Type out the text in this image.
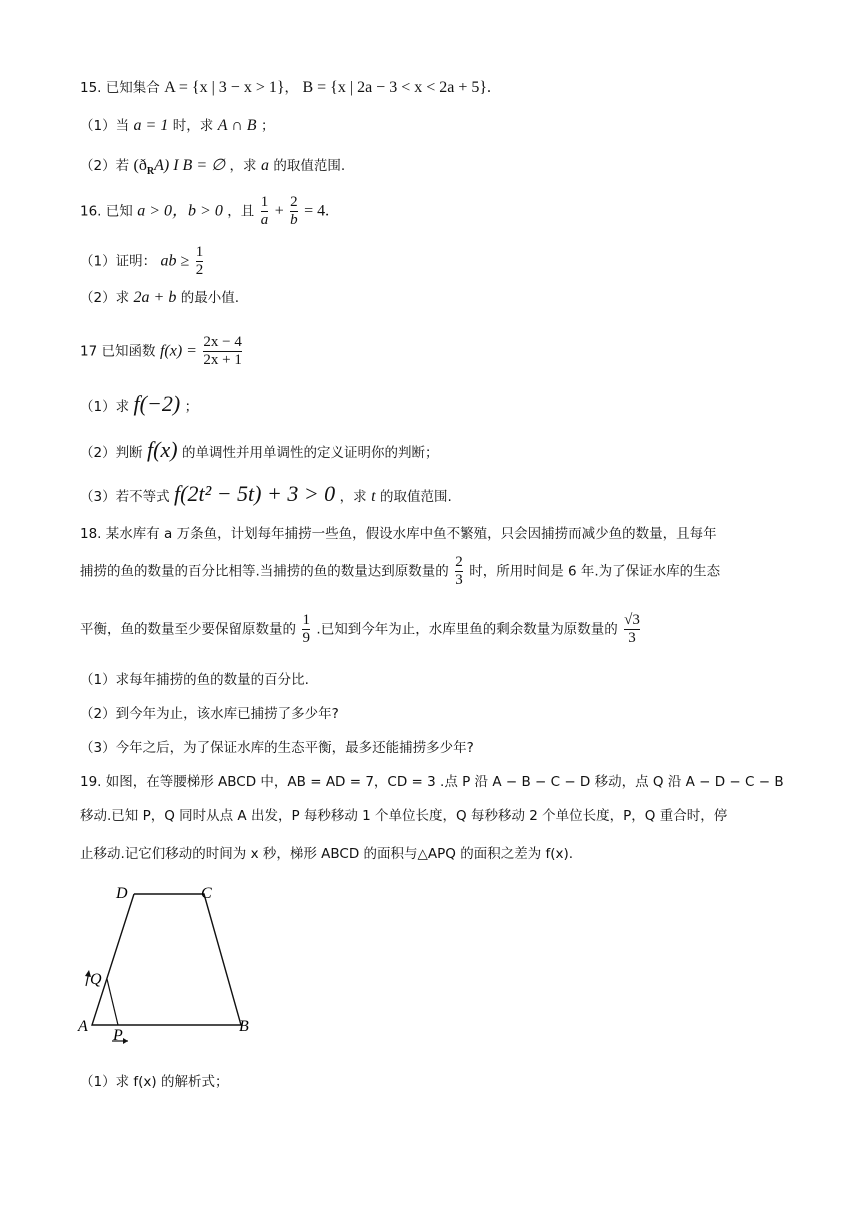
15. 已知集合 A = {x | 3 − x > 1}， B = {x | 2a − 3 < x < 2a + 5}.
（1）当 a = 1 时，求 A ∩ B ；
（2）若 $(ð_RA)$ I B = ∅ ，求 a 的取值范围.
16. 已知 a > 0，b > 0 ，且 $\frac{1}{a} + \frac{2}{b} = 4$.
（1）证明： ab ≥ $\frac{1}{2}$
（2）求 2a + b 的最小值.
17 已知函数 $f(x) = \frac{2x - 4}{2x + 1}$
（1）求 f(−2) ；
（2）判断 f(x) 的单调性并用单调性的定义证明你的判断；
（3）若不等式 f(2t² − 5t) + 3 > 0 ，求 t 的取值范围.
18. 某水库有 a 万条鱼，计划每年捕捞一些鱼，假设水库中鱼不繁殖，只会因捕捞而减少鱼的数量，且每年
捕捞的鱼的数量的百分比相等.当捕捞的鱼的数量达到原数量的 $\frac{2}{3}$ 时，所用时间是 6 年.为了保证水库的生态
平衡，鱼的数量至少要保留原数量的 $\frac{1}{9}$ .已知到今年为止，水库里鱼的剩余数量为原数量的 $\frac{√3}{3}$
（1）求每年捕捞的鱼的数量的百分比.
（2）到今年为止，该水库已捕捞了多少年?
（3）今年之后，为了保证水库的生态平衡，最多还能捕捞多少年?
19. 如图，在等腰梯形 ABCD 中，AB = AD = 7，CD = 3 .点 P 沿 A − B − C − D 移动，点 Q 沿 A − D − C − B
移动.已知 P，Q 同时从点 A 出发，P 每秒移动 1 个单位长度，Q 每秒移动 2 个单位长度，P，Q 重合时，停
止移动.记它们移动的时间为 x 秒，梯形 ABCD 的面积与△APQ 的面积之差为 f(x).
D	C
B
A
P
Q
（1）求 f(x) 的解析式；
